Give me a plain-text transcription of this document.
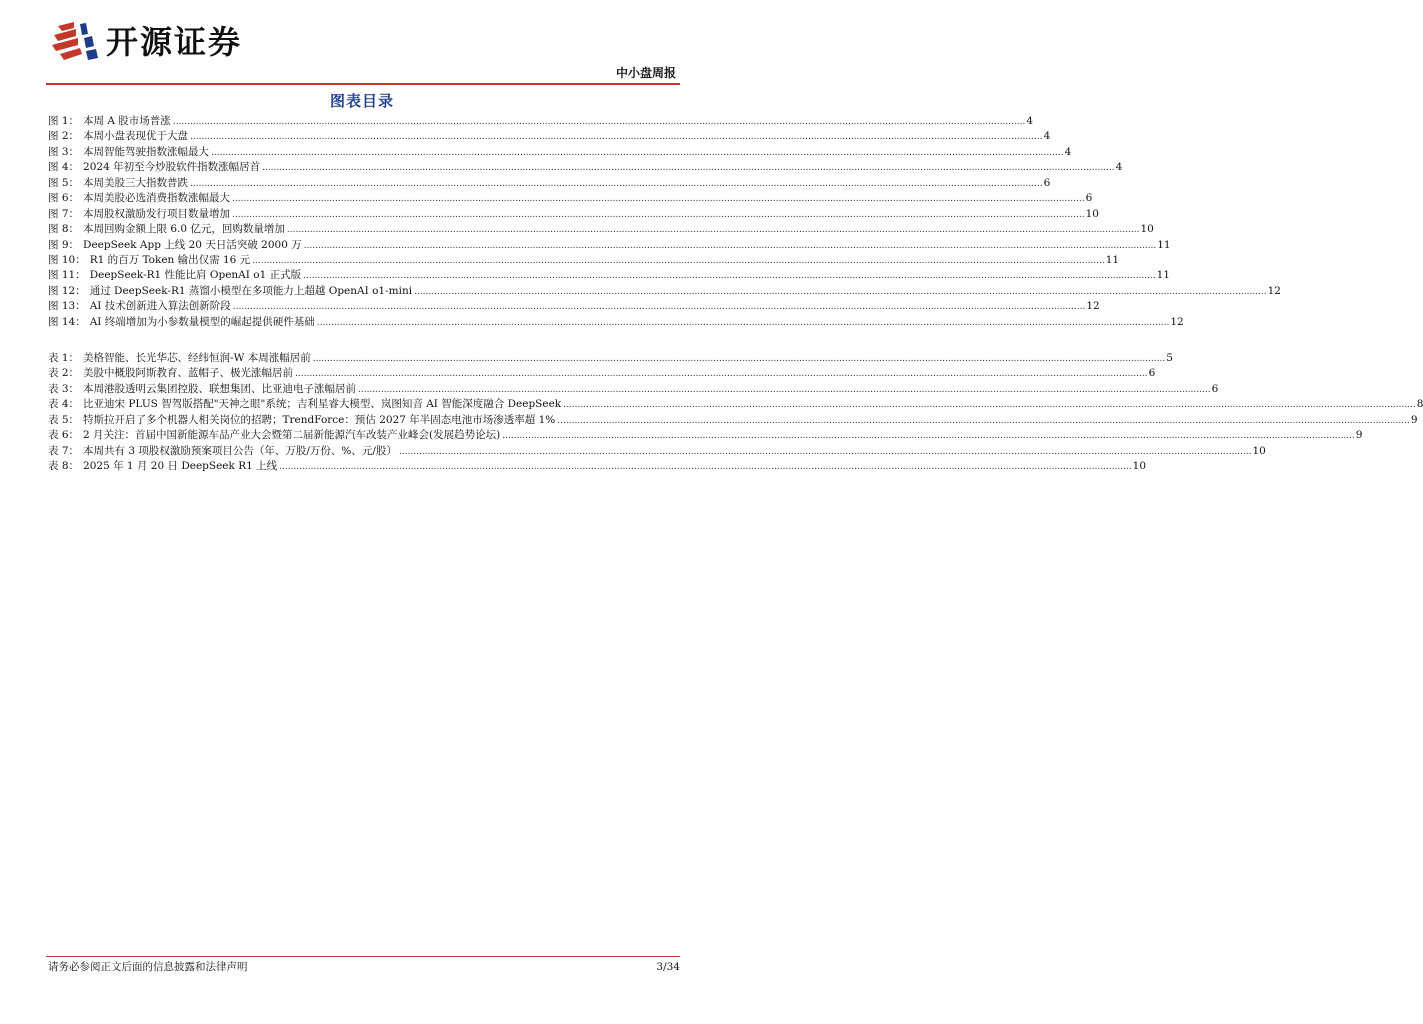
开源证券
中小盘周报
图表目录
图 1： 本周 A 股市场普涨 .....	4
图 2： 本周小盘表现优于大盘 .....	4
图 3： 本周智能驾驶指数涨幅最大 .....	4
图 4： 2024 年初至今炒股软件指数涨幅居首 .....	4
图 5： 本周美股三大指数普跌 .....	6
图 6： 本周美股必选消费指数涨幅最大 .....	6
图 7： 本周股权激励发行项目数量增加 .....	10
图 8： 本周回购金额上限 6.0 亿元，回购数量增加 .....	10
图 9： DeepSeek App 上线 20 天日活突破 2000 万 .....	11
图 10： R1 的百万 Token 输出仅需 16 元 .....	11
图 11： DeepSeek-R1 性能比肩 OpenAI o1 正式版 .....	11
图 12： 通过 DeepSeek-R1 蒸馏小模型在多项能力上超越 OpenAI o1-mini .....	12
图 13： AI 技术创新进入算法创新阶段 .....	12
图 14： AI 终端增加为小参数量模型的崛起提供硬件基础 .....	12
表 1： 美格智能、长光华芯、经纬恒润-W 本周涨幅居前 .....	5
表 2： 美股中概股阿斯教育、蓝帽子、极光涨幅居前 .....	6
表 3： 本周港股透明云集团控股、联想集团、比亚迪电子涨幅居前 .....	6
表 4： 比亚迪宋 PLUS 智驾版搭配"天神之眼"系统；吉利星睿大模型、岚图知音 AI 智能深度融合 DeepSeek .....	8
表 5： 特斯拉开启了多个机器人相关岗位的招聘；TrendForce：预估 2027 年半固态电池市场渗透率超 1% .....	9
表 6： 2 月关注：首届中国新能源车品产业大会暨第二届新能源汽车改装产业峰会(发展趋势论坛) .....	9
表 7： 本周共有 3 项股权激励预案项目公告（年、万股/万份、%、元/股） .....	10
表 8： 2025 年 1 月 20 日 DeepSeek R1 上线 .....	10
请务必参阅正文后面的信息披露和法律声明	3/34
